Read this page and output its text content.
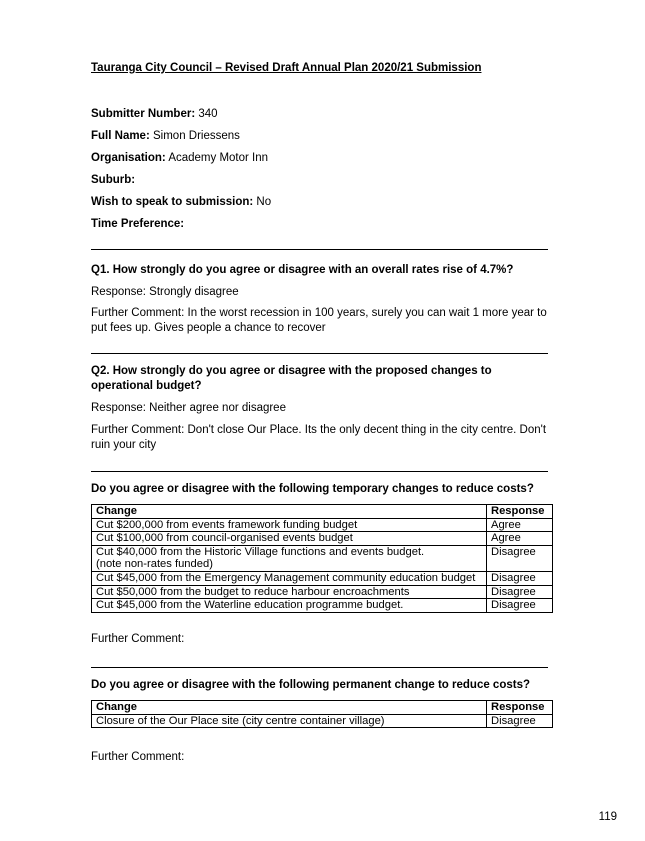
Tauranga City Council – Revised Draft Annual Plan 2020/21 Submission
Submitter Number: 340
Full Name: Simon Driessens
Organisation: Academy Motor Inn
Suburb:
Wish to speak to submission: No
Time Preference:
Q1. How strongly do you agree or disagree with an overall rates rise of 4.7%?
Response: Strongly disagree
Further Comment: In the worst recession in 100 years, surely you can wait 1 more year to put fees up. Gives people a chance to recover
Q2. How strongly do you agree or disagree with the proposed changes to operational budget?
Response: Neither agree nor disagree
Further Comment: Don't close Our Place. Its the only decent thing in the city centre. Don't ruin your city
Do you agree or disagree with the following temporary changes to reduce costs?
Change	Response
Cut $200,000 from events framework funding budget	Agree
Cut $100,000 from council-organised events budget	Agree

Cut $40,000 from the Historic Village functions and events budget.
(note non-rates funded)	Disagree
Cut $45,000 from the Emergency Management community education budget	Disagree
Cut $50,000 from the budget to reduce harbour encroachments	Disagree
Cut $45,000 from the Waterline education programme budget.	Disagree
Further Comment:
Do you agree or disagree with the following permanent change to reduce costs?
Change	Response
Closure of the Our Place site (city centre container village)	Disagree
Further Comment:
119
